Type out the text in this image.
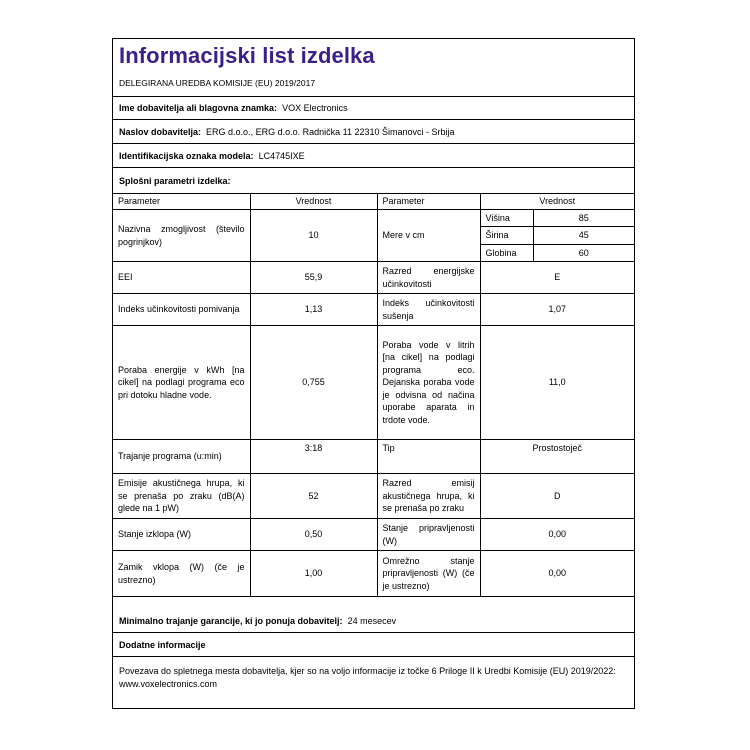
Informacijski list izdelka
DELEGIRANA UREDBA KOMISIJE (EU) 2019/2017
Ime dobavitelja ali blagovna znamka: VOX Electronics
Naslov dobavitelja: ERG d.o.o., ERG d.o.o. Radnička 11 22310 Šimanovci - Srbija
Identifikacijska oznaka modela: LC4745IXE
Splošni parametri izdelka:
Parameter	Vrednost	Parameter	Vrednost	
Nazivna zmogljivost (število pogrinjkov)	10	Mere v cm	Višina	85
			Širina	45
			Globina	60
EEI	55,9	Razred energijske učinkovitosti	E	
Indeks učinkovitosti pomivanja	1,13	Indeks učinkovitosti sušenja	1,07	
Poraba energije v kWh [na cikel] na podlagi programa eco pri dotoku hladne vode.	0,755	Poraba vode v litrih [na cikel] na podlagi programa eco. Dejanska poraba vode je odvisna od načina uporabe aparata in trdote vode.	11,0	
Trajanje programa (u:min)	3:18	Tip	Prostostoječ	
Emisije akustičnega hrupa, ki se prenaša po zraku (dB(A) glede na 1 pW)	52	Razred emisij akustičnega hrupa, ki se prenaša po zraku	D	
Stanje izklopa (W)	0,50	Stanje pripravljenosti (W)	0,00	
Zamik vklopa (W) (če je ustrezno)	1,00	Omrežno stanje pripravljenosti (W) (če je ustrezno)	0,00	
Minimalno trajanje garancije, ki jo ponuja dobavitelj: 24 mesecev
Dodatne informacije
Povezava do spletnega mesta dobavitelja, kjer so na voljo informacije iz točke 6 Priloge II k Uredbi Komisije (EU) 2019/2022: www.voxelectronics.com
